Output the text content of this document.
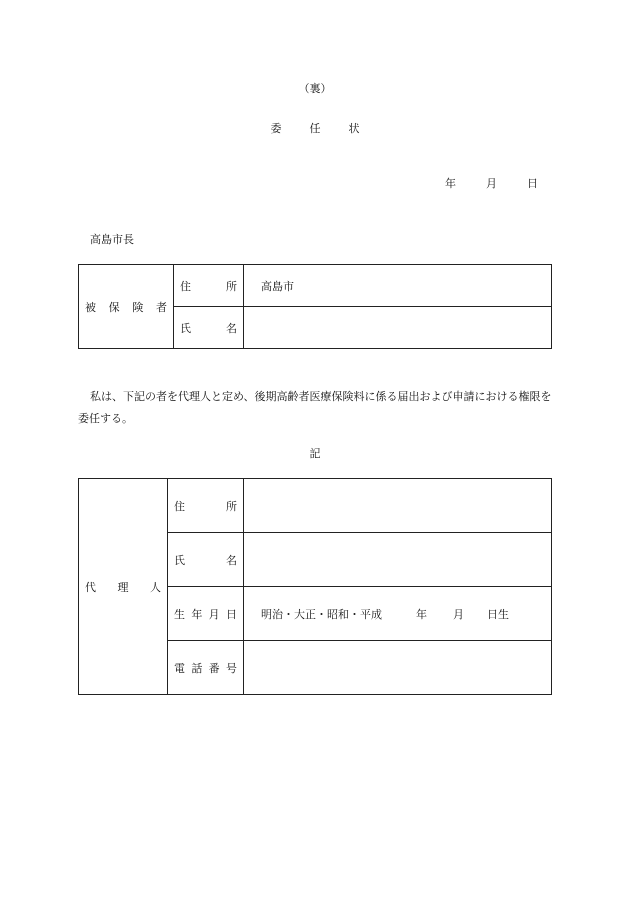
（裏）
委	任	状
年	月	日
高島市長
被 保 険 者	住 所	高島市

	氏 名	

私は、下記の者を代理人と定め、後期高齢者医療保険料に係る届出および申請における権限を委任する。
記
代 理 人	住 所	

	氏 名	

	生 年 月 日	明治・大正・昭和・平成 年 月 日生

	電 話 番 号	
